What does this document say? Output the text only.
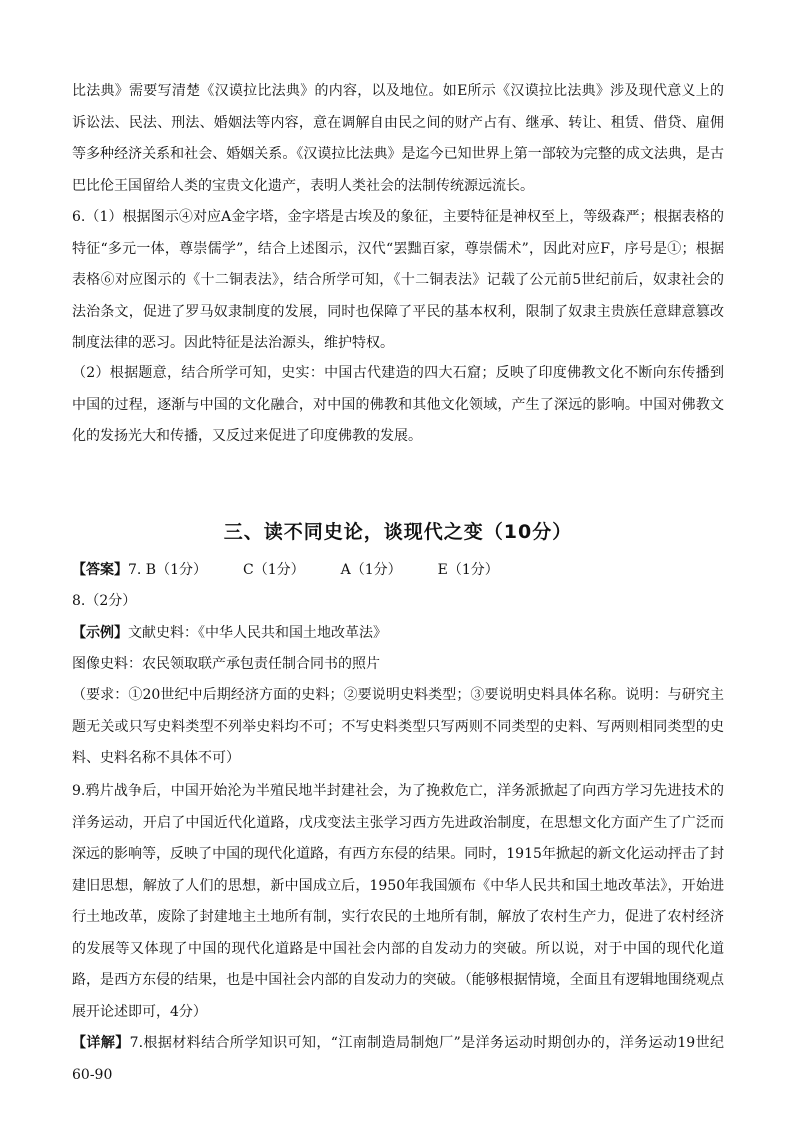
比法典》需要写清楚《汉谟拉比法典》的内容，以及地位。如E所示《汉谟拉比法典》涉及现代意义上的诉讼法、民法、刑法、婚姻法等内容，意在调解自由民之间的财产占有、继承、转让、租赁、借贷、雇佣等多种经济关系和社会、婚姻关系。《汉谟拉比法典》是迄今已知世界上第一部较为完整的成文法典，是古巴比伦王国留给人类的宝贵文化遗产，表明人类社会的法制传统源远流长。

6.（1）根据图示④对应A金字塔，金字塔是古埃及的象征，主要特征是神权至上，等级森严；根据表格的特征“多元一体，尊崇儒学”，结合上述图示，汉代“罢黜百家，尊崇儒术”，因此对应F，序号是①；根据表格⑥对应图示的《十二铜表法》，结合所学可知，《十二铜表法》记载了公元前5世纪前后，奴隶社会的法治条文，促进了罗马奴隶制度的发展，同时也保障了平民的基本权利，限制了奴隶主贵族任意肆意篡改制度法律的恶习。因此特征是法治源头，维护特权。

（2）根据题意，结合所学可知，史实：中国古代建造的四大石窟；反映了印度佛教文化不断向东传播到中国的过程，逐渐与中国的文化融合，对中国的佛教和其他文化领域，产生了深远的影响。中国对佛教文化的发扬光大和传播，又反过来促进了印度佛教的发展。

三、读不同史论，谈现代之变（10分）
【答案】7. B（1分）	C（1分）	A（1分）	E（1分）

8.（2分）

【示例】文献史料：《中华人民共和国土地改革法》

图像史料：农民领取联产承包责任制合同书的照片

（要求：①20世纪中后期经济方面的史料；②要说明史料类型；③要说明史料具体名称。说明：与研究主题无关或只写史料类型不列举史料均不可；不写史料类型只写两则不同类型的史料、写两则相同类型的史料、史料名称不具体不可）

9.鸦片战争后，中国开始沦为半殖民地半封建社会，为了挽救危亡，洋务派掀起了向西方学习先进技术的洋务运动，开启了中国近代化道路，戊戌变法主张学习西方先进政治制度，在思想文化方面产生了广泛而深远的影响等，反映了中国的现代化道路，有西方东侵的结果。同时，1915年掀起的新文化运动抨击了封建旧思想，解放了人们的思想，新中国成立后，1950年我国颁布《中华人民共和国土地改革法》，开始进行土地改革，废除了封建地主土地所有制，实行农民的土地所有制，解放了农村生产力，促进了农村经济的发展等又体现了中国的现代化道路是中国社会内部的自发动力的突破。所以说，对于中国的现代化道路，是西方东侵的结果，也是中国社会内部的自发动力的突破。（能够根据情境，全面且有逻辑地围绕观点展开论述即可，4分）

【详解】7.根据材料结合所学知识可知，“江南制造局制炮厂”是洋务运动时期创办的，洋务运动19世纪60-90
